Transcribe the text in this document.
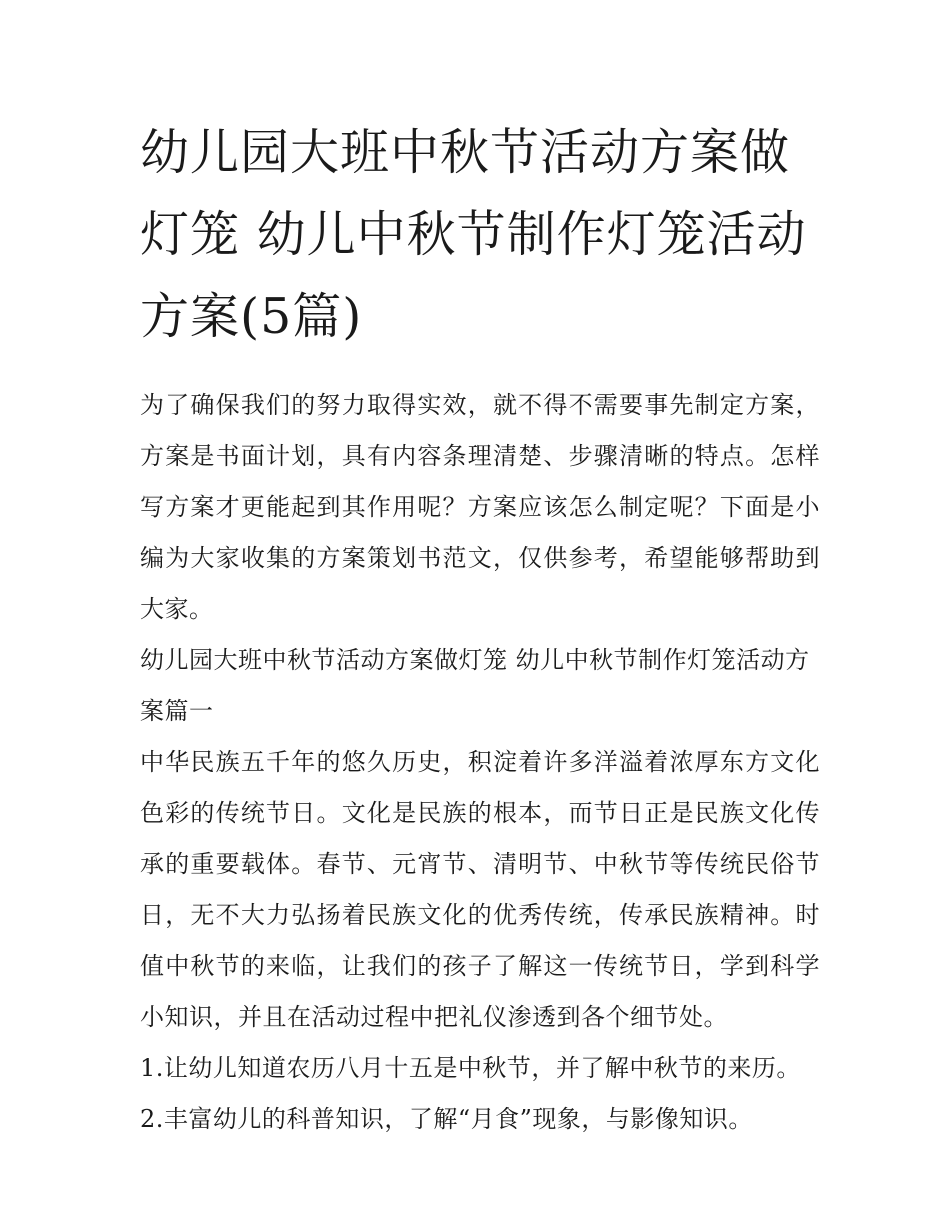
幼儿园大班中秋节活动方案做灯笼 幼儿中秋节制作灯笼活动方案(5篇)

为了确保我们的努力取得实效，就不得不需要事先制定方案，方案是书面计划，具有内容条理清楚、步骤清晰的特点。怎样写方案才更能起到其作用呢？方案应该怎么制定呢？下面是小编为大家收集的方案策划书范文，仅供参考，希望能够帮助到大家。

幼儿园大班中秋节活动方案做灯笼 幼儿中秋节制作灯笼活动方案篇一

中华民族五千年的悠久历史，积淀着许多洋溢着浓厚东方文化色彩的传统节日。文化是民族的根本，而节日正是民族文化传承的重要载体。春节、元宵节、清明节、中秋节等传统民俗节日，无不大力弘扬着民族文化的优秀传统，传承民族精神。时值中秋节的来临，让我们的孩子了解这一传统节日，学到科学小知识，并且在活动过程中把礼仪渗透到各个细节处。

1.让幼儿知道农历八月十五是中秋节，并了解中秋节的来历。

2.丰富幼儿的科普知识，了解“月食”现象，与影像知识。
